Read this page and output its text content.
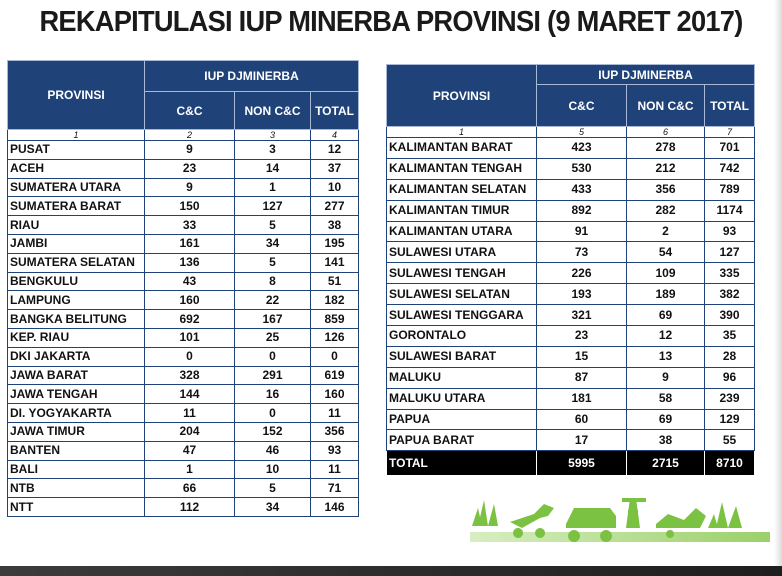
REKAPITULASI IUP MINERBA PROVINSI (9 MARET 2017)
PROVINSI	IUP DJMINERBA		
	C&C	NON C&C	TOTAL
1	2	3	4
PUSAT	9	3	12
ACEH	23	14	37
SUMATERA UTARA	9	1	10
SUMATERA BARAT	150	127	277
RIAU	33	5	38
JAMBI	161	34	195
SUMATERA SELATAN	136	5	141
BENGKULU	43	8	51
LAMPUNG	160	22	182
BANGKA BELITUNG	692	167	859
KEP. RIAU	101	25	126
DKI JAKARTA	0	0	0
JAWA BARAT	328	291	619
JAWA TENGAH	144	16	160
DI. YOGYAKARTA	11	0	11
JAWA TIMUR	204	152	356
BANTEN	47	46	93
BALI	1	10	11
NTB	66	5	71
NTT	112	34	146
PROVINSI	IUP DJMINERBA		
	C&C	NON C&C	TOTAL
1	5	6	7
KALIMANTAN BARAT	423	278	701
KALIMANTAN TENGAH	530	212	742
KALIMANTAN SELATAN	433	356	789
KALIMANTAN TIMUR	892	282	1174
KALIMANTAN UTARA	91	2	93
SULAWESI UTARA	73	54	127
SULAWESI TENGAH	226	109	335
SULAWESI SELATAN	193	189	382
SULAWESI TENGGARA	321	69	390
GORONTALO	23	12	35
SULAWESI BARAT	15	13	28
MALUKU	87	9	96
MALUKU UTARA	181	58	239
PAPUA	60	69	129
PAPUA BARAT	17	38	55
TOTAL	5995	2715	8710
